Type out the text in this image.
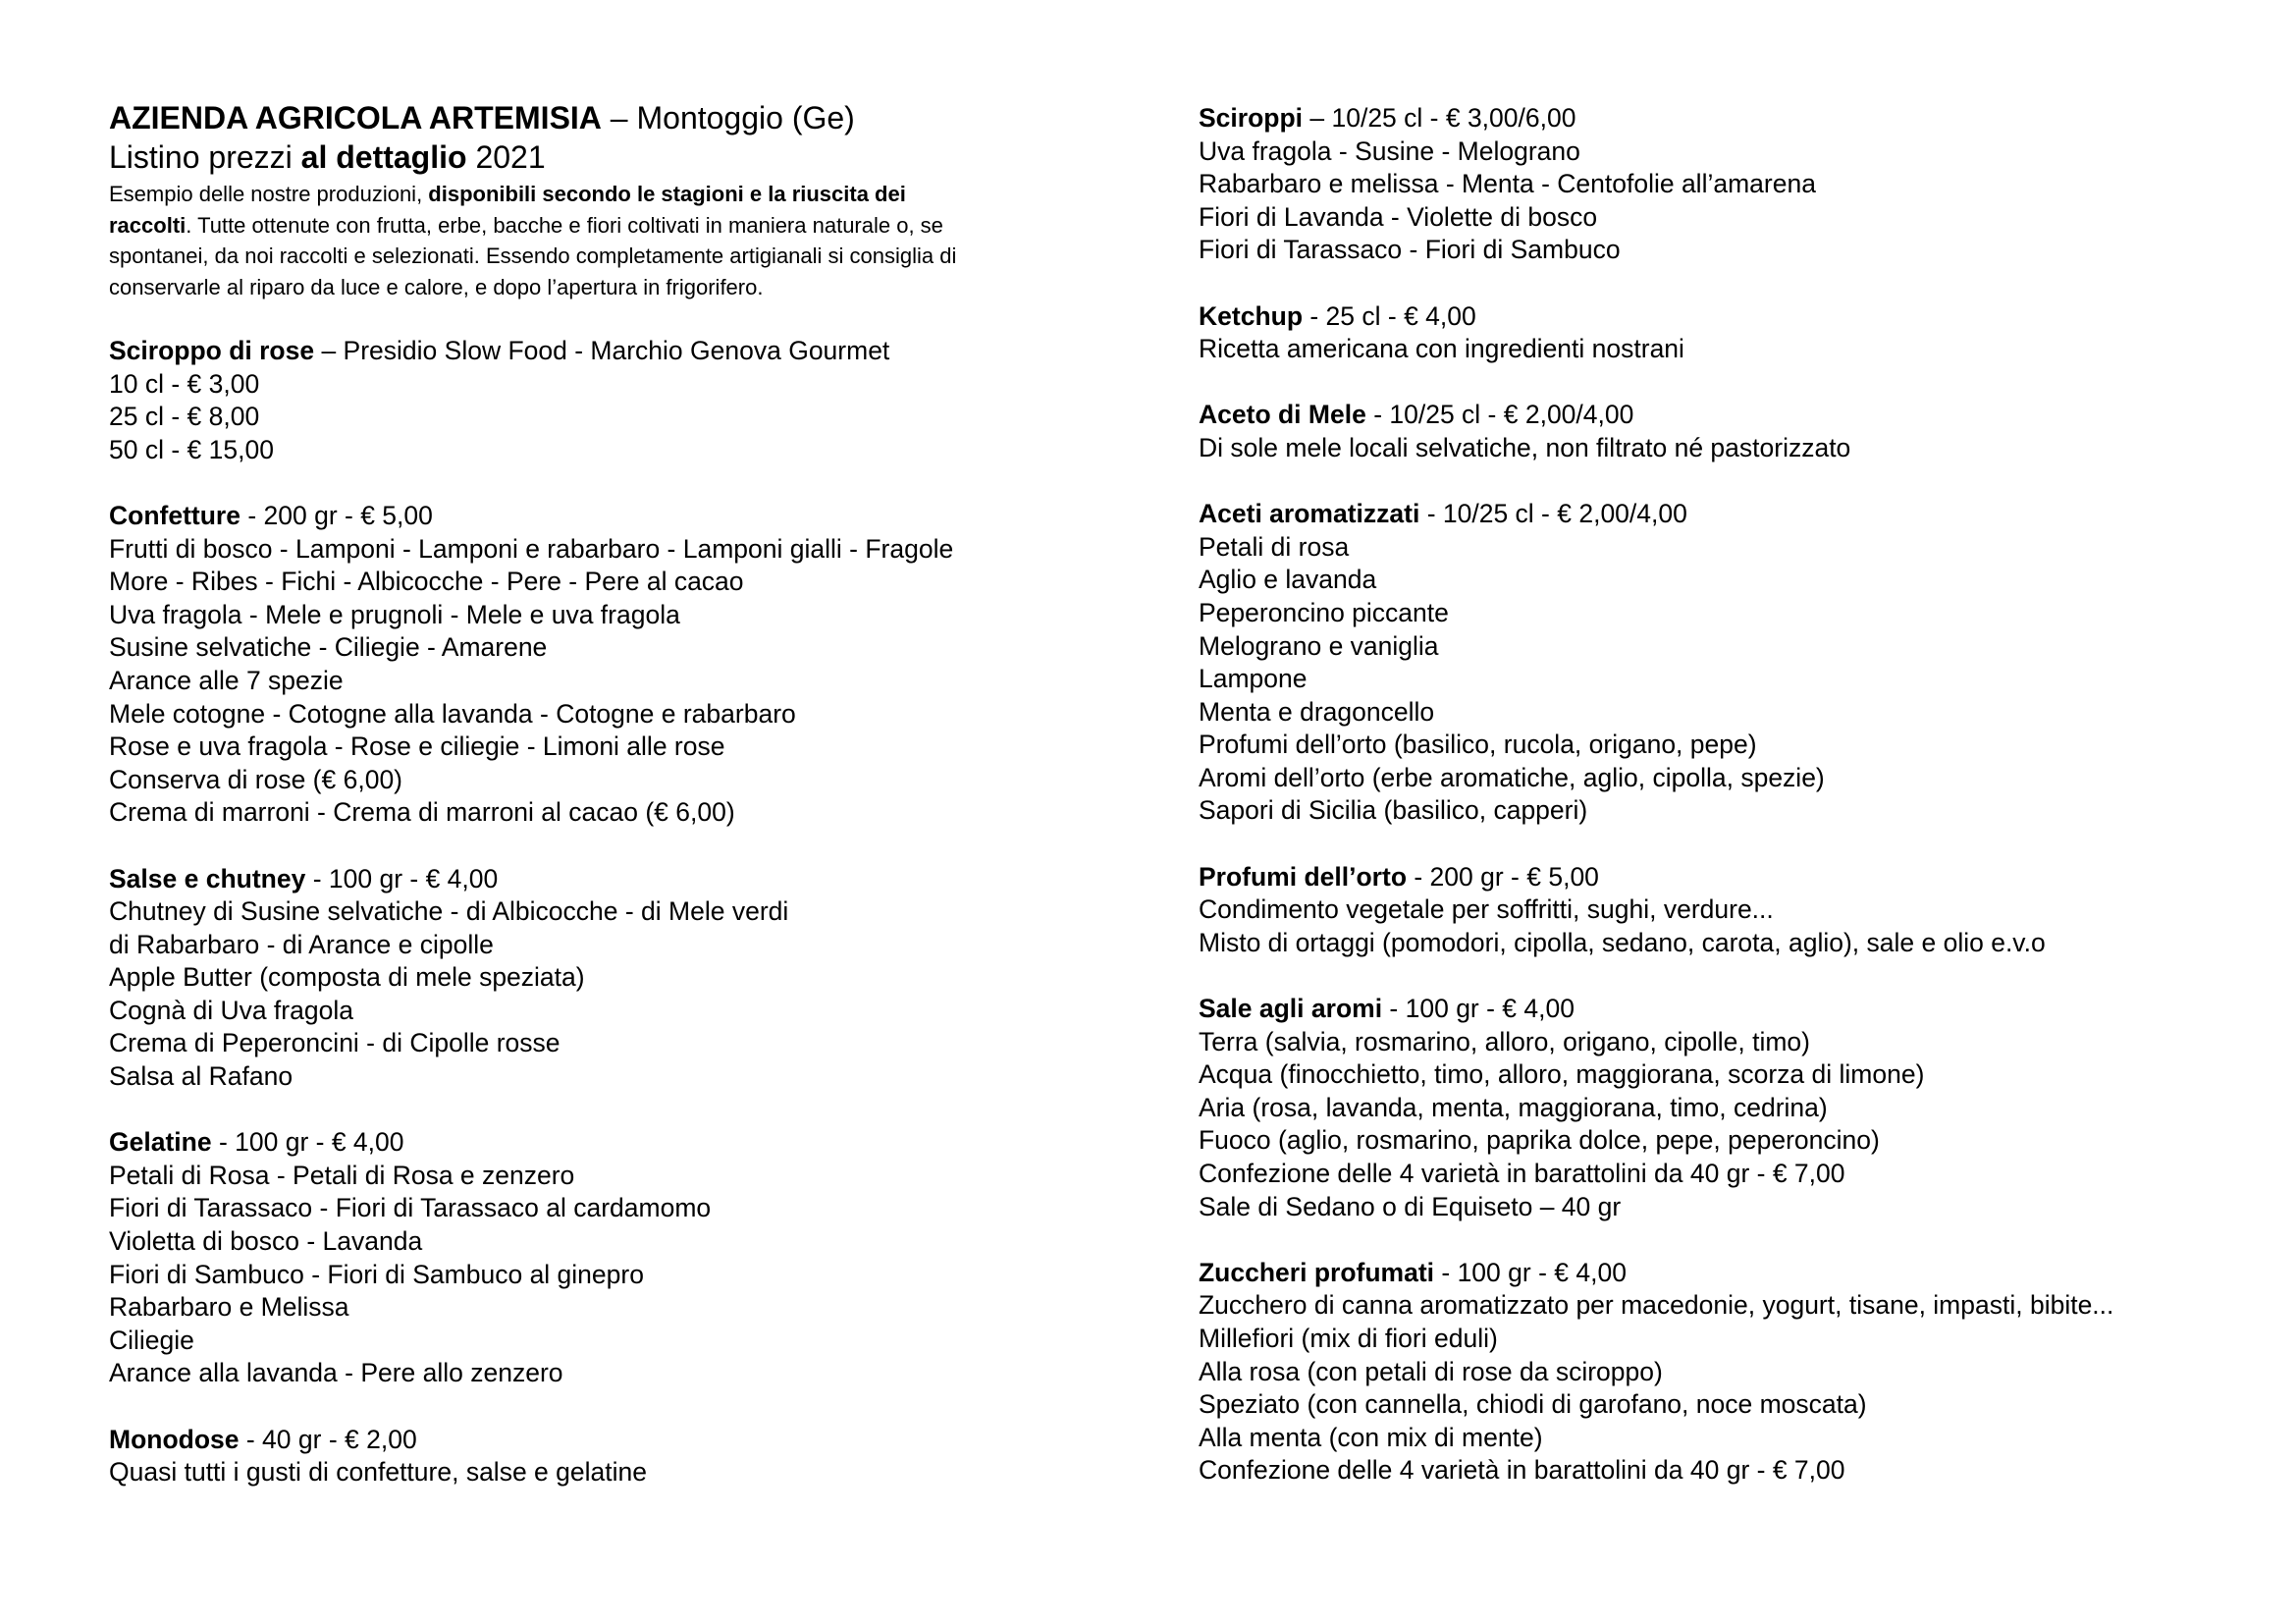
AZIENDA AGRICOLA ARTEMISIA – Montoggio (Ge)
Listino prezzi al dettaglio 2021
Esempio delle nostre produzioni, disponibili secondo le stagioni e la riuscita dei
raccolti. Tutte ottenute con frutta, erbe, bacche e fiori coltivati in maniera naturale o, se
spontanei, da noi raccolti e selezionati. Essendo completamente artigianali si consiglia di
conservarle al riparo da luce e calore, e dopo l’apertura in frigorifero.
Sciroppo di rose – Presidio Slow Food - Marchio Genova Gourmet
10 cl - € 3,00
25 cl - € 8,00
50 cl - € 15,00
Confetture - 200 gr - € 5,00
Frutti di bosco - Lamponi - Lamponi e rabarbaro - Lamponi gialli - Fragole
More - Ribes - Fichi - Albicocche - Pere - Pere al cacao
Uva fragola - Mele e prugnoli - Mele e uva fragola
Susine selvatiche - Ciliegie - Amarene
Arance alle 7 spezie
Mele cotogne - Cotogne alla lavanda - Cotogne e rabarbaro
Rose e uva fragola - Rose e ciliegie - Limoni alle rose
Conserva di rose (€ 6,00)
Crema di marroni - Crema di marroni al cacao (€ 6,00)
Salse e chutney - 100 gr - € 4,00
Chutney di Susine selvatiche - di Albicocche - di Mele verdi
di Rabarbaro - di Arance e cipolle
Apple Butter (composta di mele speziata)
Cognà di Uva fragola
Crema di Peperoncini - di Cipolle rosse
Salsa al Rafano
Gelatine - 100 gr - € 4,00
Petali di Rosa - Petali di Rosa e zenzero
Fiori di Tarassaco - Fiori di Tarassaco al cardamomo
Violetta di bosco - Lavanda
Fiori di Sambuco - Fiori di Sambuco al ginepro
Rabarbaro e Melissa
Ciliegie
Arance alla lavanda - Pere allo zenzero
Monodose - 40 gr - € 2,00
Quasi tutti i gusti di confetture, salse e gelatine
Sciroppi – 10/25 cl - € 3,00/6,00
Uva fragola - Susine - Melograno
Rabarbaro e melissa - Menta - Centofolie all’amarena
Fiori di Lavanda - Violette di bosco
Fiori di Tarassaco - Fiori di Sambuco
Ketchup - 25 cl - € 4,00
Ricetta americana con ingredienti nostrani
Aceto di Mele - 10/25 cl - € 2,00/4,00
Di sole mele locali selvatiche, non filtrato né pastorizzato
Aceti aromatizzati - 10/25 cl - € 2,00/4,00
Petali di rosa
Aglio e lavanda
Peperoncino piccante
Melograno e vaniglia
Lampone
Menta e dragoncello
Profumi dell’orto (basilico, rucola, origano, pepe)
Aromi dell’orto (erbe aromatiche, aglio, cipolla, spezie)
Sapori di Sicilia (basilico, capperi)
Profumi dell’orto - 200 gr - € 5,00
Condimento vegetale per soffritti, sughi, verdure...
Misto di ortaggi (pomodori, cipolla, sedano, carota, aglio), sale e olio e.v.o
Sale agli aromi - 100 gr - € 4,00
Terra (salvia, rosmarino, alloro, origano, cipolle, timo)
Acqua (finocchietto, timo, alloro, maggiorana, scorza di limone)
Aria (rosa, lavanda, menta, maggiorana, timo, cedrina)
Fuoco (aglio, rosmarino, paprika dolce, pepe, peperoncino)
Confezione delle 4 varietà in barattolini da 40 gr - € 7,00
Sale di Sedano o di Equiseto – 40 gr
Zuccheri profumati - 100 gr - € 4,00
Zucchero di canna aromatizzato per macedonie, yogurt, tisane, impasti, bibite...
Millefiori (mix di fiori eduli)
Alla rosa (con petali di rose da sciroppo)
Speziato (con cannella, chiodi di garofano, noce moscata)
Alla menta (con mix di mente)
Confezione delle 4 varietà in barattolini da 40 gr - € 7,00
